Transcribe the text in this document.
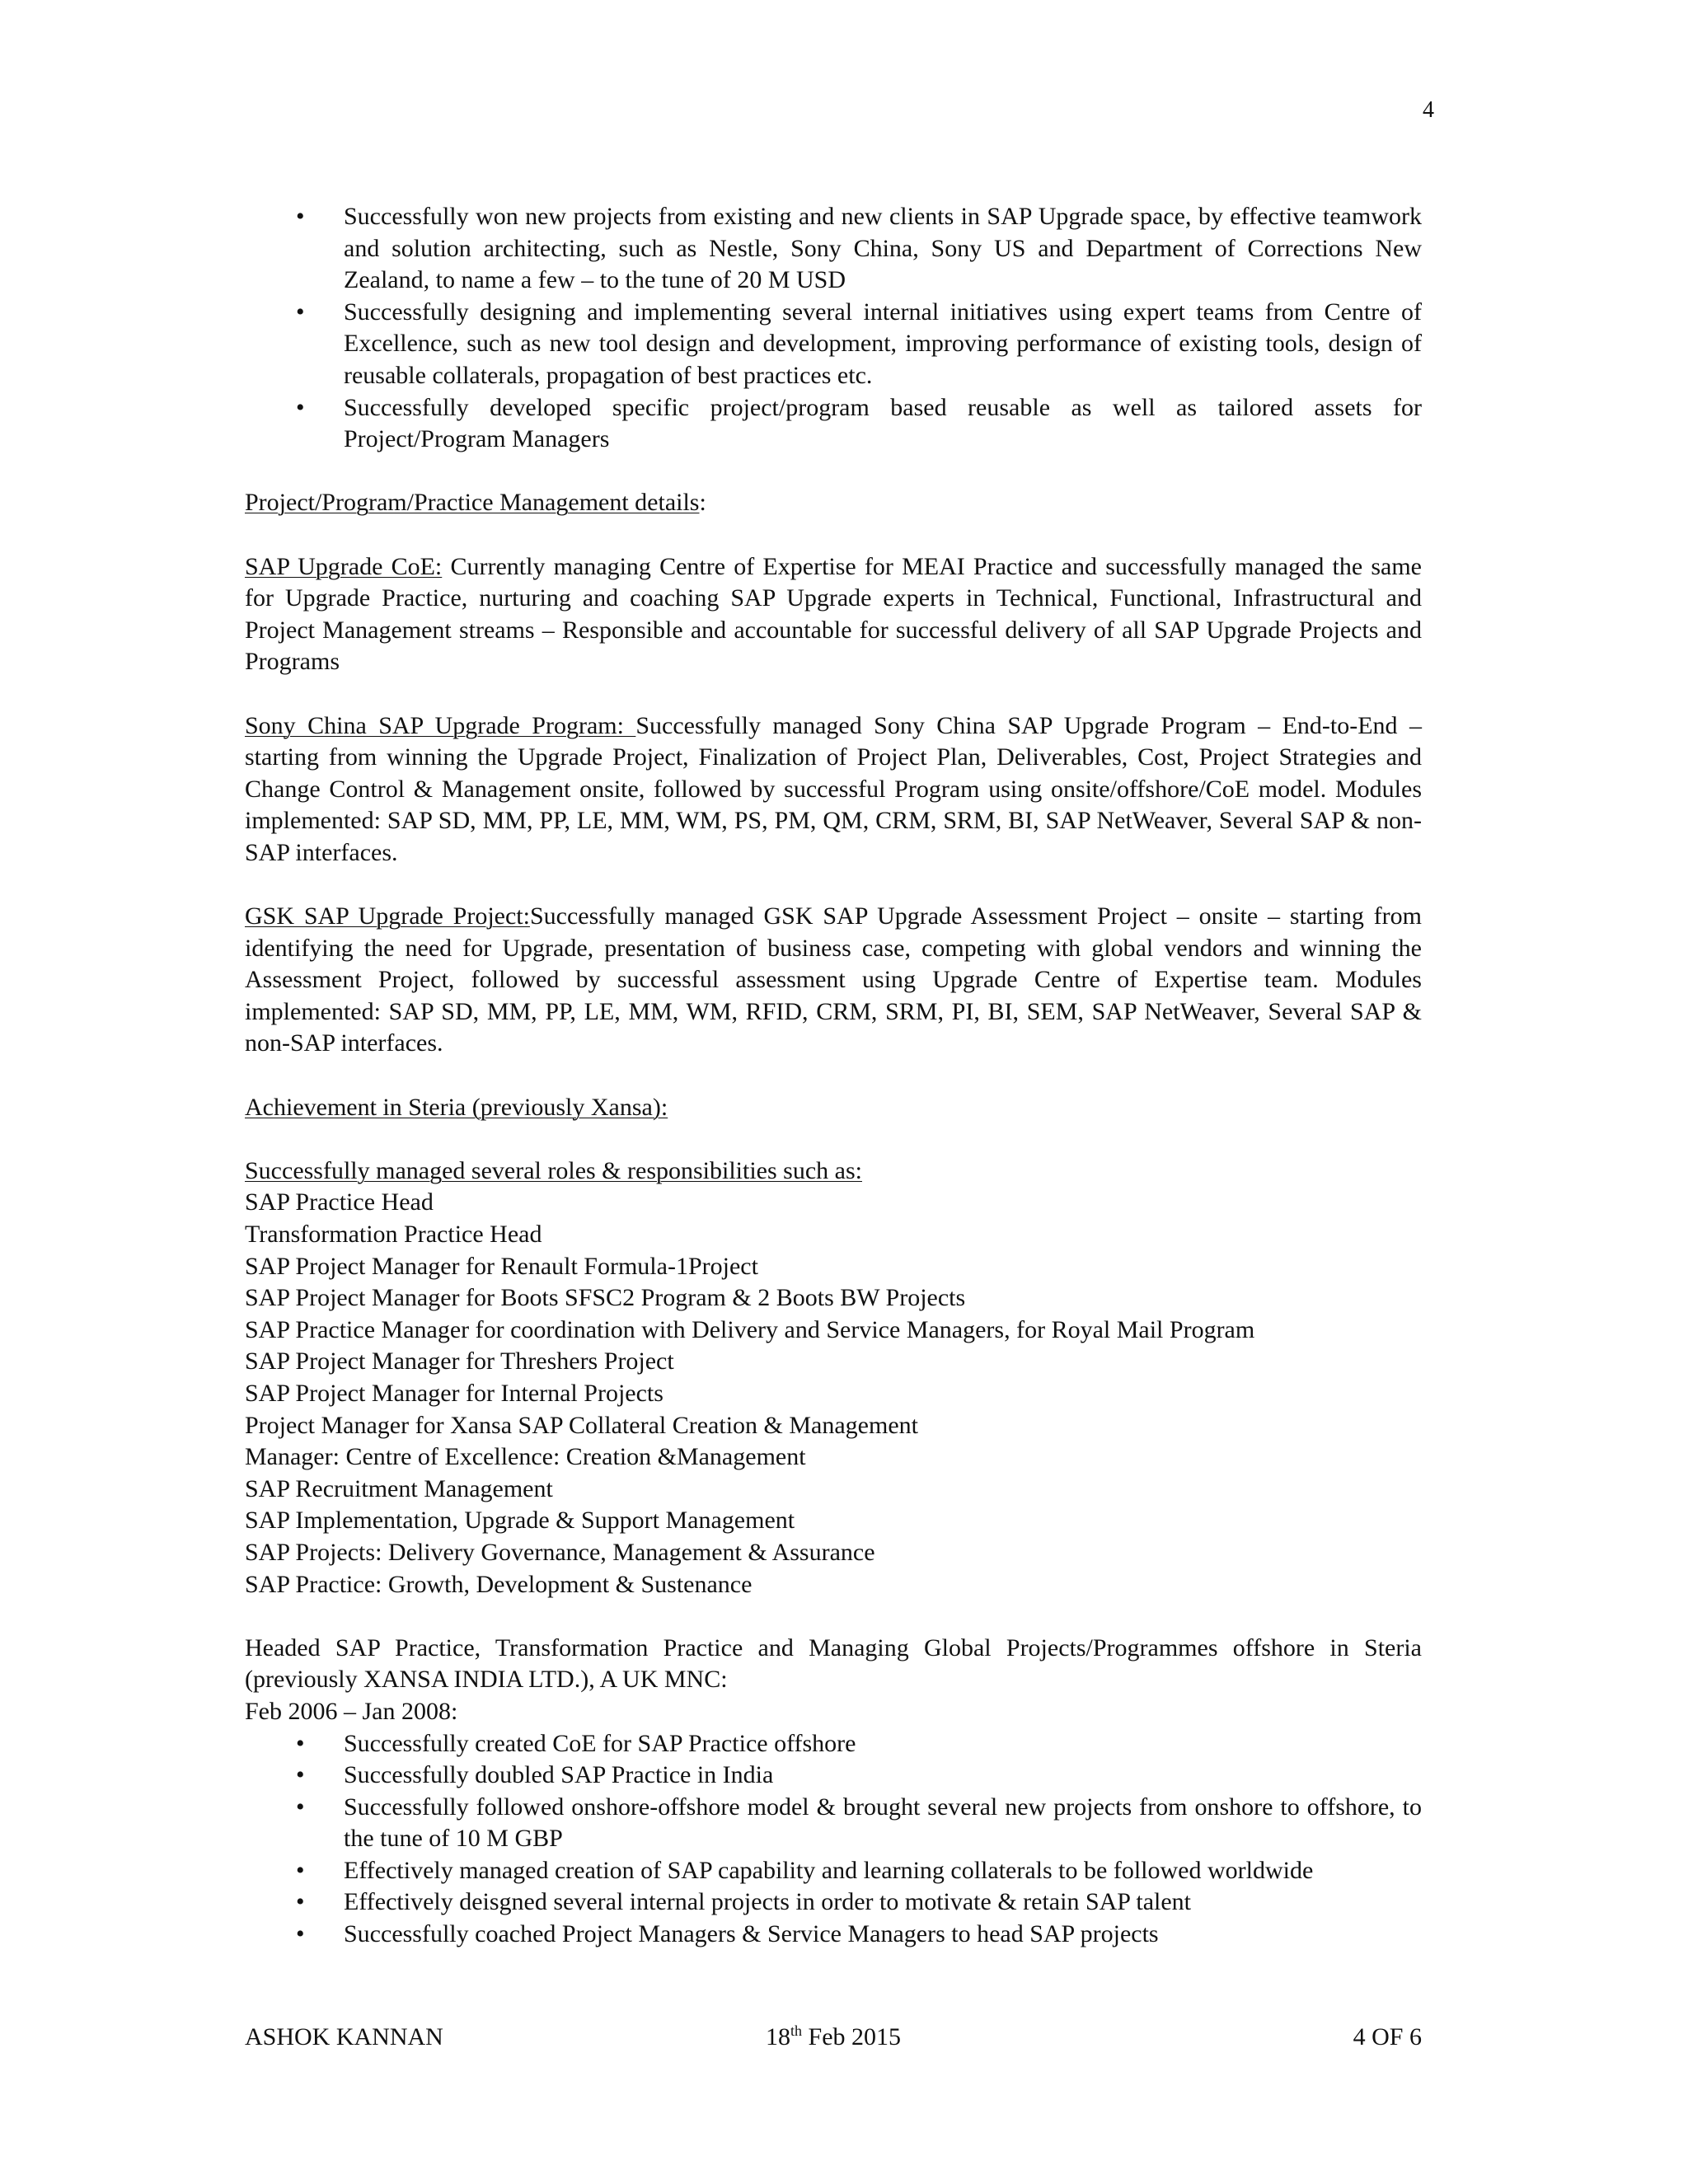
4
• Successfully won new projects from existing and new clients in SAP Upgrade space, by effective teamwork and solution architecting, such as Nestle, Sony China, Sony US and Department of Corrections New Zealand, to name a few – to the tune of 20 M USD
• Successfully designing and implementing several internal initiatives using expert teams from Centre of Excellence, such as new tool design and development, improving performance of existing tools, design of reusable collaterals, propagation of best practices etc.
• Successfully developed specific project/program based reusable as well as tailored assets for Project/Program Managers

Project/Program/Practice Management details:

SAP Upgrade CoE: Currently managing Centre of Expertise for MEAI Practice and successfully managed the same for Upgrade Practice, nurturing and coaching SAP Upgrade experts in Technical, Functional, Infrastructural and Project Management streams – Responsible and accountable for successful delivery of all SAP Upgrade Projects and Programs

Sony China SAP Upgrade Program: Successfully managed Sony China SAP Upgrade Program – End-to-End – starting from winning the Upgrade Project, Finalization of Project Plan, Deliverables, Cost, Project Strategies and Change Control & Management onsite, followed by successful Program using onsite/offshore/CoE model. Modules implemented: SAP SD, MM, PP, LE, MM, WM, PS, PM, QM, CRM, SRM, BI, SAP NetWeaver, Several SAP & non-SAP interfaces.

GSK SAP Upgrade Project:Successfully managed GSK SAP Upgrade Assessment Project – onsite – starting from identifying the need for Upgrade, presentation of business case, competing with global vendors and winning the Assessment Project, followed by successful assessment using Upgrade Centre of Expertise team. Modules implemented: SAP SD, MM, PP, LE, MM, WM, RFID, CRM, SRM, PI, BI, SEM, SAP NetWeaver, Several SAP & non-SAP interfaces.

Achievement in Steria (previously Xansa):

Successfully managed several roles & responsibilities such as:

SAP Practice Head
Transformation Practice Head
SAP Project Manager for Renault Formula-1Project
SAP Project Manager for Boots SFSC2 Program & 2 Boots BW Projects
SAP Practice Manager for coordination with Delivery and Service Managers, for Royal Mail Program
SAP Project Manager for Threshers Project
SAP Project Manager for Internal Projects
Project Manager for Xansa SAP Collateral Creation & Management
Manager: Centre of Excellence: Creation &Management
SAP Recruitment Management
SAP Implementation, Upgrade & Support Management
SAP Projects: Delivery Governance, Management & Assurance
SAP Practice: Growth, Development & Sustenance

Headed SAP Practice, Transformation Practice and Managing Global Projects/Programmes offshore in Steria (previously XANSA INDIA LTD.), A UK MNC:

Feb 2006 – Jan 2008:

• Successfully created CoE for SAP Practice offshore
• Successfully doubled SAP Practice in India
• Successfully followed onshore-offshore model & brought several new projects from onshore to offshore, to the tune of 10 M GBP
• Effectively managed creation of SAP capability and learning collaterals to be followed worldwide
• Effectively deisgned several internal projects in order to motivate & retain SAP talent
• Successfully coached Project Managers & Service Managers to head SAP projects
ASHOK KANNAN	18th Feb 2015	4 OF 6
